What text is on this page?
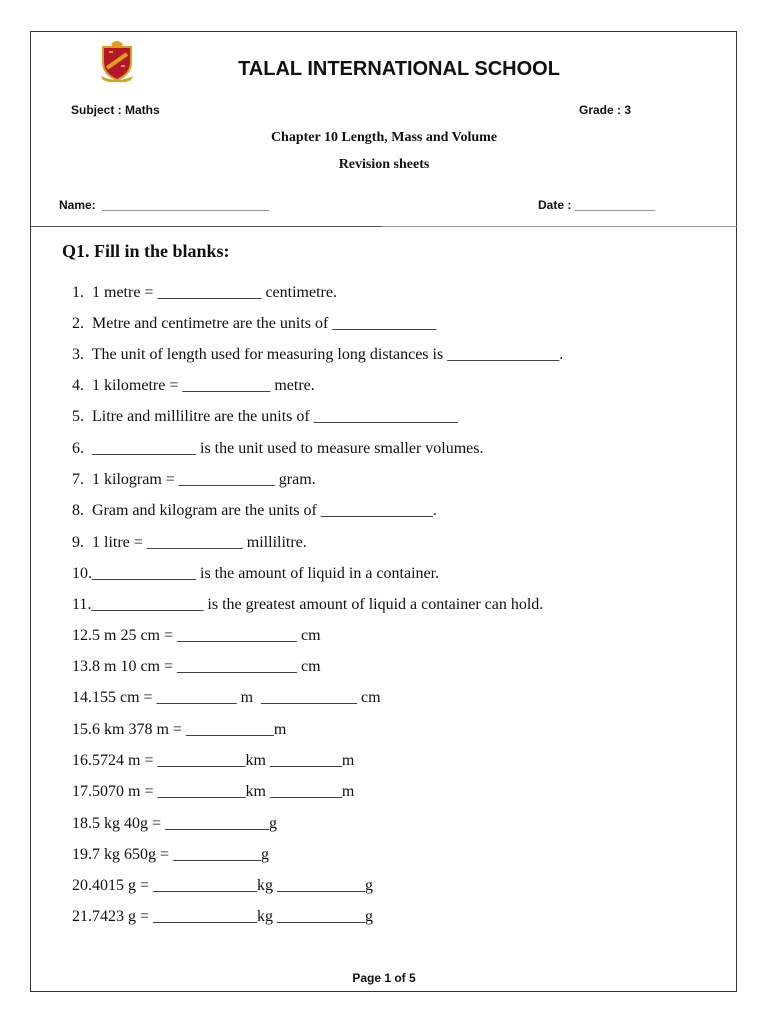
TALAL INTERNATIONAL SCHOOL
Subject : Maths	Grade : 3
Chapter 10 Length, Mass and Volume
Revision sheets
Name:  _________________________	Date : ____________
Q1. Fill in the blanks:
1.  1 metre = _____________ centimetre.
2.  Metre and centimetre are the units of _____________
3.  The unit of length used for measuring long distances is ______________.
4.  1 kilometre = ___________ metre.
5.  Litre and millilitre are the units of __________________
6.  _____________ is the unit used to measure smaller volumes.
7.  1 kilogram = ____________ gram.
8.  Gram and kilogram are the units of ______________.
9.  1 litre = ____________ millilitre.
10._____________ is the amount of liquid in a container.
11.______________ is the greatest amount of liquid a container can hold.
12.5 m 25 cm = _______________ cm
13.8 m 10 cm = _______________ cm
14.155 cm = __________ m  ____________ cm
15.6 km 378 m = ___________m
16.5724 m = ___________km _________m
17.5070 m = ___________km _________m
18.5 kg 40g = _____________g
19.7 kg 650g = ___________g
20.4015 g = _____________kg ___________g
21.7423 g = _____________kg ___________g
Page 1 of 5
